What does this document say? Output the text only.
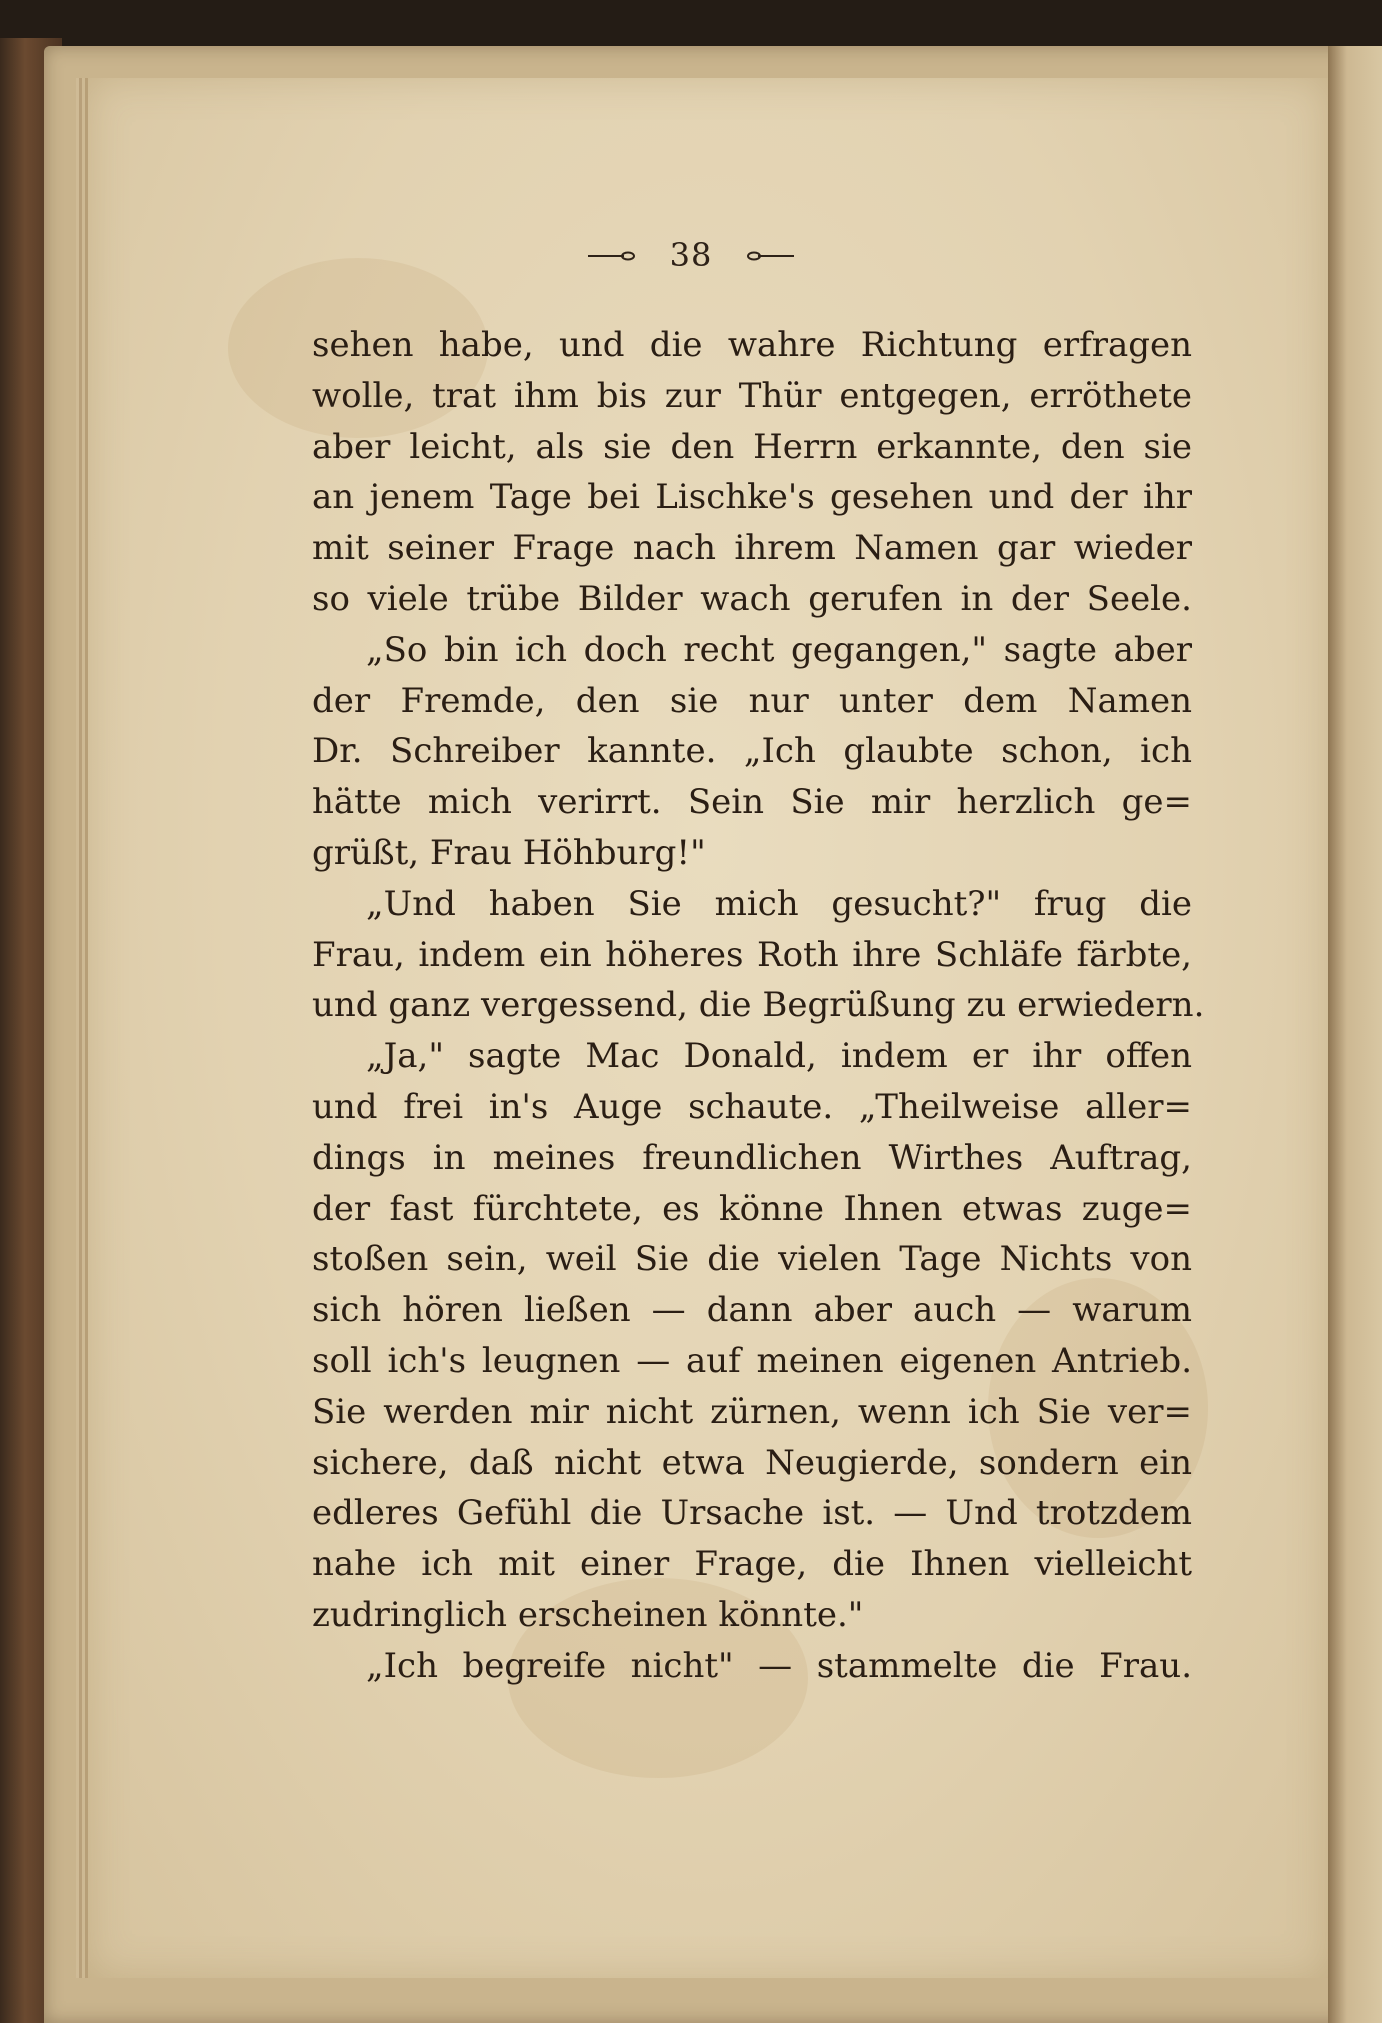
38
sehen habe, und die wahre Richtung erfragen
wolle, trat ihm bis zur Thür entgegen, erröthete
aber leicht, als sie den Herrn erkannte, den sie
an jenem Tage bei Lischke's gesehen und der ihr
mit seiner Frage nach ihrem Namen gar wieder
so viele trübe Bilder wach gerufen in der Seele.
„So bin ich doch recht gegangen," sagte aber
der Fremde, den sie nur unter dem Namen
Dr. Schreiber kannte. „Ich glaubte schon, ich
hätte mich verirrt. Sein Sie mir herzlich ge=
grüßt, Frau Höhburg!"
„Und haben Sie mich gesucht?" frug die
Frau, indem ein höheres Roth ihre Schläfe färbte,
und ganz vergessend, die Begrüßung zu erwiedern.
„Ja," sagte Mac Donald, indem er ihr offen
und frei in's Auge schaute. „Theilweise aller=
dings in meines freundlichen Wirthes Auftrag,
der fast fürchtete, es könne Ihnen etwas zuge=
stoßen sein, weil Sie die vielen Tage Nichts von
sich hören ließen — dann aber auch — warum
soll ich's leugnen — auf meinen eigenen Antrieb.
Sie werden mir nicht zürnen, wenn ich Sie ver=
sichere, daß nicht etwa Neugierde, sondern ein
edleres Gefühl die Ursache ist. — Und trotzdem
nahe ich mit einer Frage, die Ihnen vielleicht
zudringlich erscheinen könnte."
„Ich begreife nicht" — stammelte die Frau.
